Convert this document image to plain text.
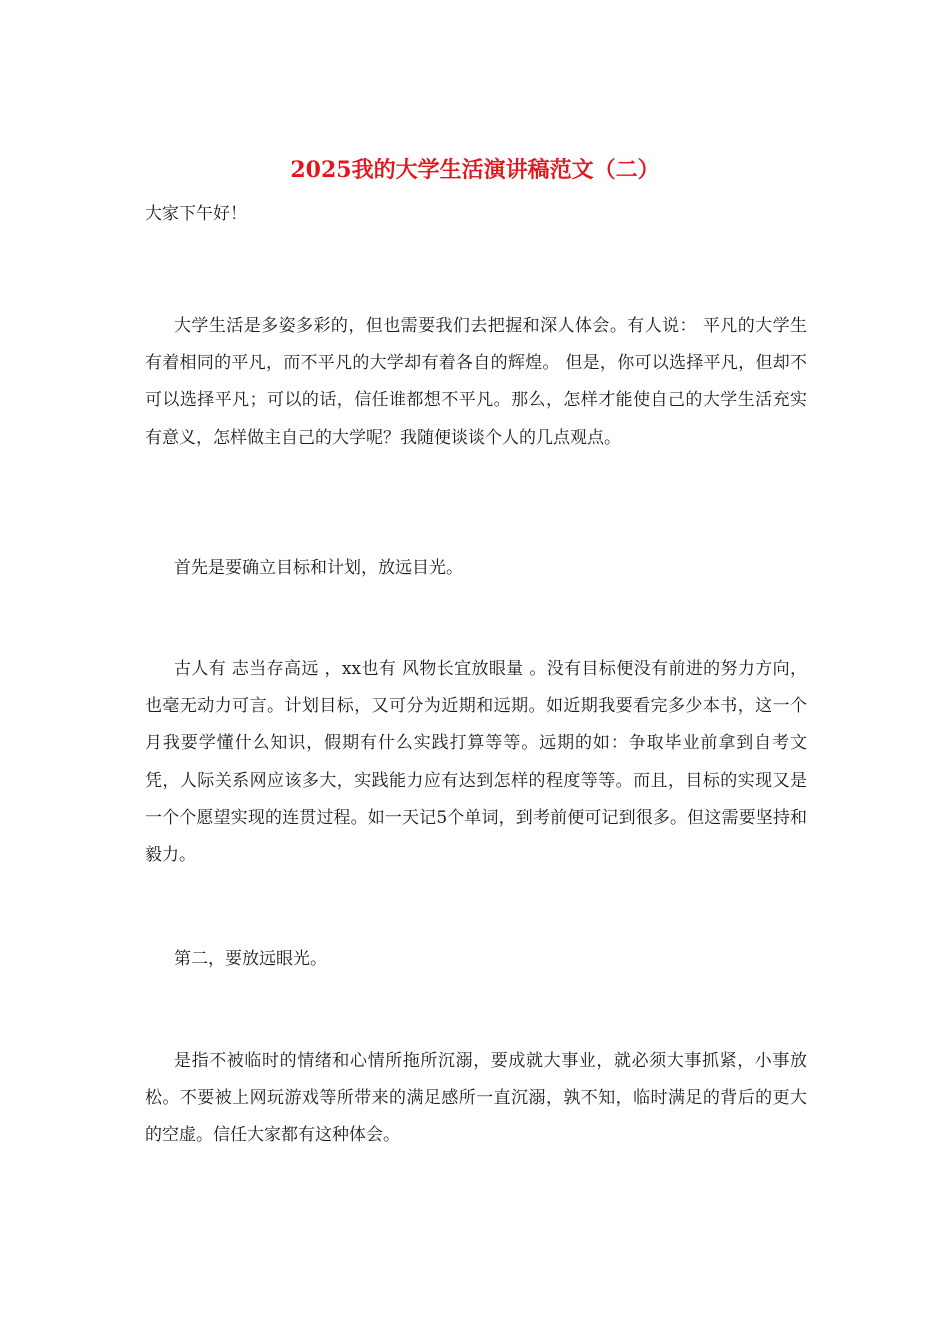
2025我的大学生活演讲稿范文（二）

大家下午好！

大学生活是多姿多彩的，但也需要我们去把握和深人体会。有人说： 平凡的大学生有着相同的平凡，而不平凡的大学却有着各自的辉煌。 但是，你可以选择平凡，但却不可以选择平凡；可以的话，信任谁都想不平凡。那么，怎样才能使自己的大学生活充实有意义，怎样做主自己的大学呢？我随便谈谈个人的几点观点。

首先是要确立目标和计划，放远目光。

古人有 志当存高远 ，xx也有 风物长宜放眼量 。没有目标便没有前进的努力方向，也毫无动力可言。计划目标，又可分为近期和远期。如近期我要看完多少本书，这一个月我要学懂什么知识，假期有什么实践打算等等。远期的如：争取毕业前拿到自考文凭，人际关系网应该多大，实践能力应有达到怎样的程度等等。而且，目标的实现又是一个个愿望实现的连贯过程。如一天记5个单词，到考前便可记到很多。但这需要坚持和毅力。

第二，要放远眼光。

是指不被临时的情绪和心情所拖所沉溺，要成就大事业，就必须大事抓紧，小事放松。不要被上网玩游戏等所带来的满足感所一直沉溺，孰不知，临时满足的背后的更大的空虚。信任大家都有这种体会。
